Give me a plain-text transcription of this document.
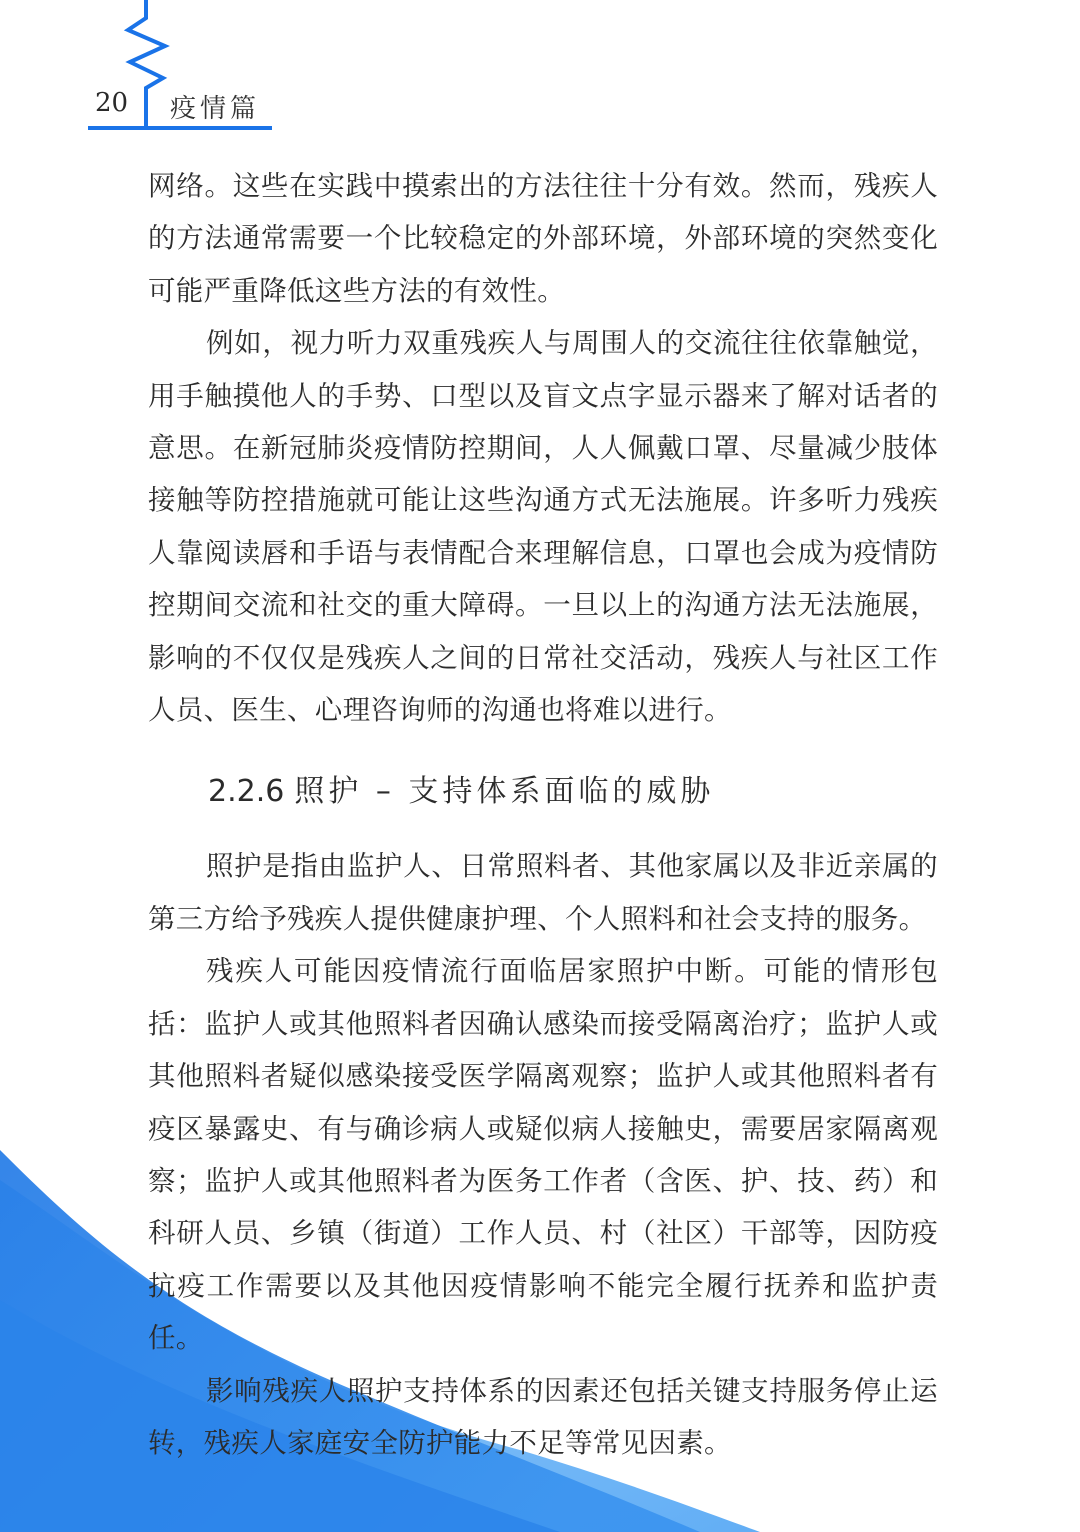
20 疫情篇

网络。这些在实践中摸索出的方法往往十分有效。然而，残疾人的方法通常需要一个比较稳定的外部环境，外部环境的突然变化可能严重降低这些方法的有效性。

例如，视力听力双重残疾人与周围人的交流往往依靠触觉，用手触摸他人的手势、口型以及盲文点字显示器来了解对话者的意思。在新冠肺炎疫情防控期间，人人佩戴口罩、尽量减少肢体接触等防控措施就可能让这些沟通方式无法施展。许多听力残疾人靠阅读唇和手语与表情配合来理解信息，口罩也会成为疫情防控期间交流和社交的重大障碍。一旦以上的沟通方法无法施展，影响的不仅仅是残疾人之间的日常社交活动，残疾人与社区工作人员、医生、心理咨询师的沟通也将难以进行。

2.2.6 照护 – 支持体系面临的威胁

照护是指由监护人、日常照料者、其他家属以及非近亲属的第三方给予残疾人提供健康护理、个人照料和社会支持的服务。

残疾人可能因疫情流行面临居家照护中断。可能的情形包括：监护人或其他照料者因确认感染而接受隔离治疗；监护人或其他照料者疑似感染接受医学隔离观察；监护人或其他照料者有疫区暴露史、有与确诊病人或疑似病人接触史，需要居家隔离观察；监护人或其他照料者为医务工作者（含医、护、技、药）和科研人员、乡镇（街道）工作人员、村（社区）干部等，因防疫抗疫工作需要以及其他因疫情影响不能完全履行抚养和监护责任。

影响残疾人照护支持体系的因素还包括关键支持服务停止运转，残疾人家庭安全防护能力不足等常见因素。
